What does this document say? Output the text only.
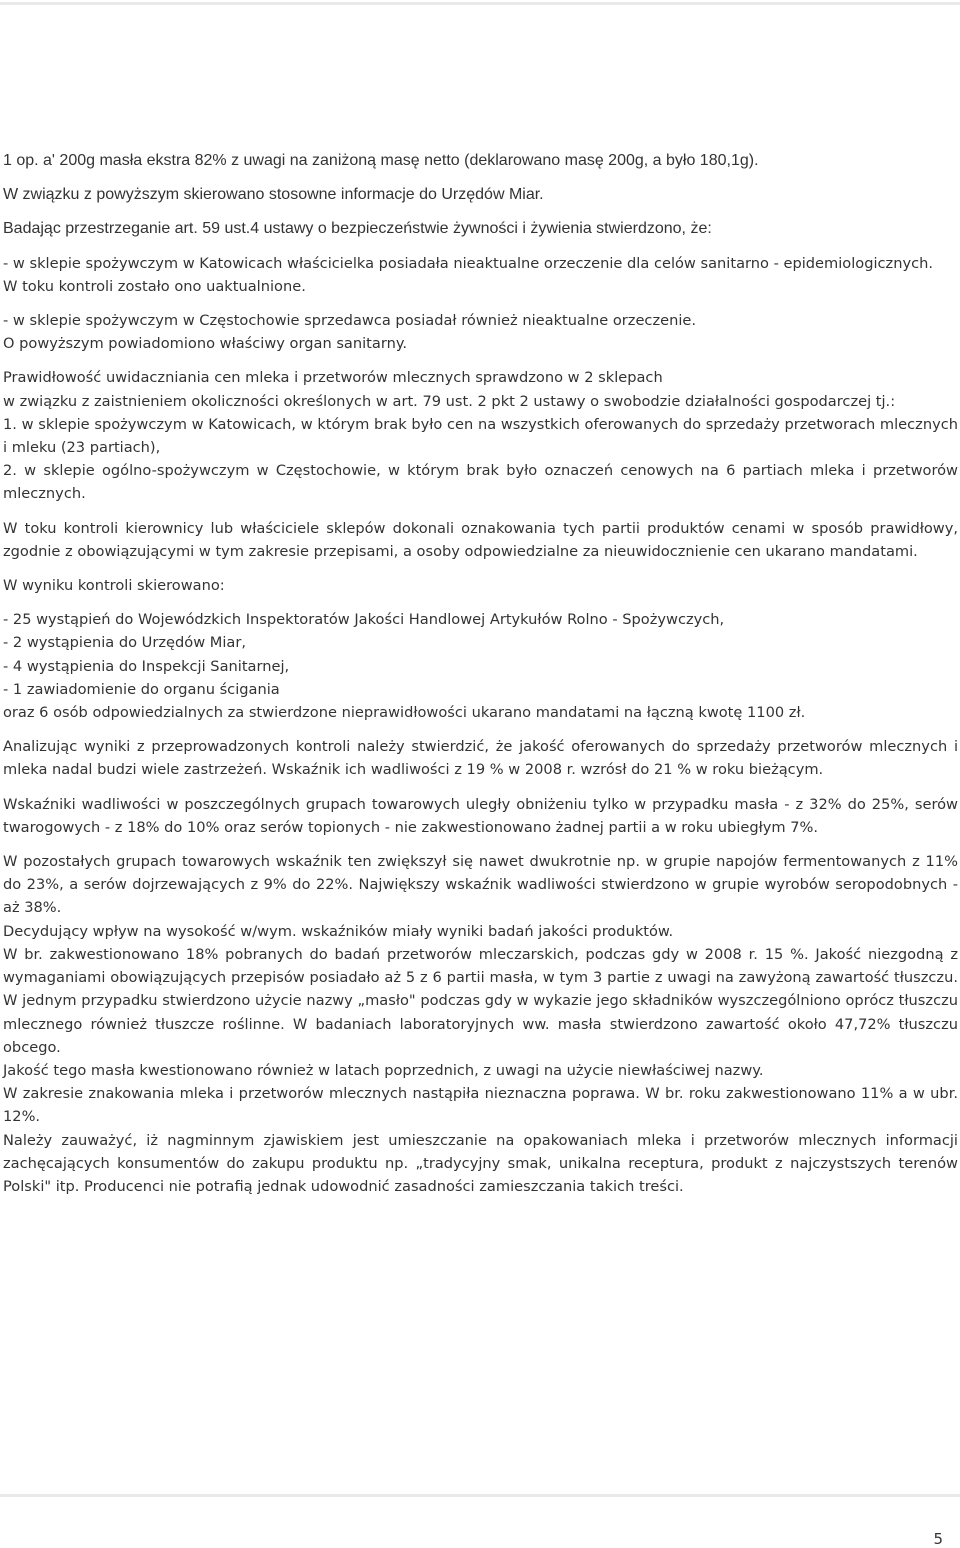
1 op. a' 200g masła ekstra 82% z uwagi na zaniżoną masę netto (deklarowano masę 200g, a było 180,1g).

W związku z powyższym skierowano stosowne informacje do Urzędów Miar.

Badając przestrzeganie art. 59 ust.4 ustawy o bezpieczeństwie żywności i żywienia stwierdzono, że:

- w sklepie spożywczym w Katowicach właścicielka posiadała nieaktualne orzeczenie dla celów sanitarno - epidemiologicznych.

W toku kontroli zostało ono uaktualnione.

- w sklepie spożywczym w Częstochowie sprzedawca posiadał również nieaktualne orzeczenie.

O powyższym powiadomiono właściwy organ sanitarny.

Prawidłowość uwidaczniania cen mleka i przetworów mlecznych sprawdzono w 2 sklepach

w związku z zaistnieniem okoliczności określonych w art. 79 ust. 2 pkt 2 ustawy o swobodzie działalności gospodarczej tj.:

1. w sklepie spożywczym w Katowicach, w którym brak było cen na wszystkich oferowanych do sprzedaży przetworach mlecznych i mleku (23 partiach),

2. w sklepie ogólno-spożywczym w Częstochowie, w którym brak było oznaczeń cenowych na 6 partiach mleka i przetworów mlecznych.

W toku kontroli kierownicy lub właściciele sklepów dokonali oznakowania tych partii produktów cenami w sposób prawidłowy, zgodnie z obowiązującymi w tym zakresie przepisami, a osoby odpowiedzialne za nieuwidocznienie cen ukarano mandatami.

W wyniku kontroli skierowano:

- 25 wystąpień do Wojewódzkich Inspektoratów Jakości Handlowej Artykułów Rolno - Spożywczych,

- 2 wystąpienia do Urzędów Miar,

- 4 wystąpienia do Inspekcji Sanitarnej,

- 1 zawiadomienie do organu ścigania

oraz 6 osób odpowiedzialnych za stwierdzone nieprawidłowości ukarano mandatami na łączną kwotę 1100 zł.

Analizując wyniki z przeprowadzonych kontroli należy stwierdzić, że jakość oferowanych do sprzedaży przetworów mlecznych i mleka nadal budzi wiele zastrzeżeń. Wskaźnik ich wadliwości z 19 % w 2008 r. wzrósł do 21 % w roku bieżącym.

Wskaźniki wadliwości w poszczególnych grupach towarowych uległy obniżeniu tylko w przypadku masła - z 32% do 25%, serów twarogowych - z 18% do 10% oraz serów topionych - nie zakwestionowano żadnej partii a w roku ubiegłym 7%.

W pozostałych grupach towarowych wskaźnik ten zwiększył się nawet dwukrotnie np. w grupie napojów fermentowanych z 11% do 23%, a serów dojrzewających z 9% do 22%. Największy wskaźnik wadliwości stwierdzono w grupie wyrobów seropodobnych - aż 38%.

Decydujący wpływ na wysokość w/wym. wskaźników miały wyniki badań jakości produktów.

W br. zakwestionowano 18% pobranych do badań przetworów mleczarskich, podczas gdy w 2008 r. 15 %. Jakość niezgodną z wymaganiami obowiązujących przepisów posiadało aż 5 z 6 partii masła, w tym 3 partie z uwagi na zawyżoną zawartość tłuszczu. W jednym przypadku stwierdzono użycie nazwy „masło" podczas gdy w wykazie jego składników wyszczególniono oprócz tłuszczu mlecznego również tłuszcze roślinne. W badaniach laboratoryjnych ww. masła stwierdzono zawartość około 47,72% tłuszczu obcego.

Jakość tego masła kwestionowano również w latach poprzednich, z uwagi na użycie niewłaściwej nazwy.

W zakresie znakowania mleka i przetworów mlecznych nastąpiła nieznaczna poprawa. W br. roku zakwestionowano 11% a w ubr. 12%.

Należy zauważyć, iż nagminnym zjawiskiem jest umieszczanie na opakowaniach mleka i przetworów mlecznych informacji zachęcających konsumentów do zakupu produktu np. „tradycyjny smak, unikalna receptura, produkt z najczystszych terenów Polski" itp. Producenci nie potrafią jednak udowodnić zasadności zamieszczania takich treści.

5
